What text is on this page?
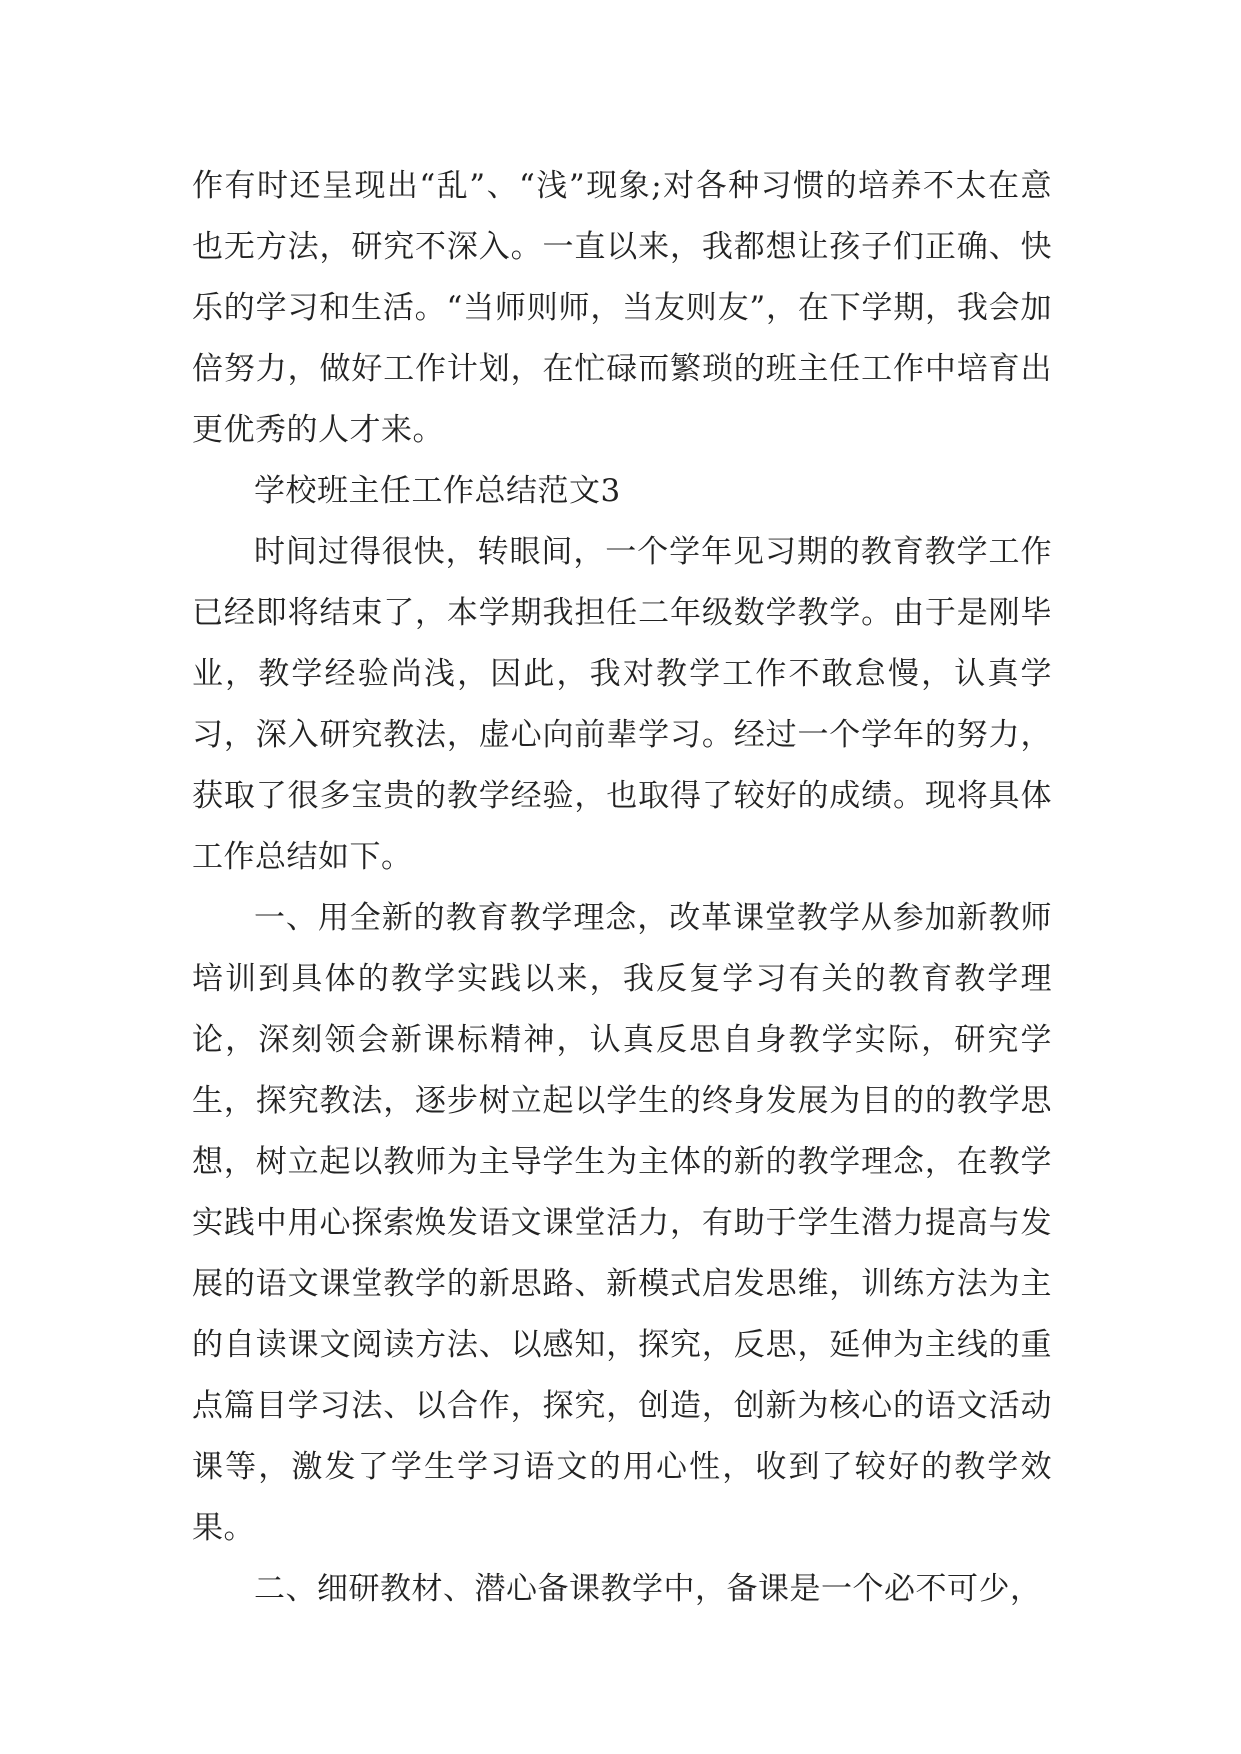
作有时还呈现出“乱”、“浅”现象;对各种习惯的培养不太在意也无方法，研究不深入。一直以来，我都想让孩子们正确、快乐的学习和生活。“当师则师，当友则友”，在下学期，我会加倍努力，做好工作计划，在忙碌而繁琐的班主任工作中培育出更优秀的人才来。

学校班主任工作总结范文3

时间过得很快，转眼间，一个学年见习期的教育教学工作已经即将结束了，本学期我担任二年级数学教学。由于是刚毕业，教学经验尚浅，因此，我对教学工作不敢怠慢，认真学习，深入研究教法，虚心向前辈学习。经过一个学年的努力，获取了很多宝贵的教学经验，也取得了较好的成绩。现将具体工作总结如下。

一、用全新的教育教学理念，改革课堂教学从参加新教师培训到具体的教学实践以来，我反复学习有关的教育教学理论，深刻领会新课标精神，认真反思自身教学实际，研究学生，探究教法，逐步树立起以学生的终身发展为目的的教学思想，树立起以教师为主导学生为主体的新的教学理念，在教学实践中用心探索焕发语文课堂活力，有助于学生潜力提高与发展的语文课堂教学的新思路、新模式启发思维，训练方法为主的自读课文阅读方法、以感知，探究，反思，延伸为主线的重点篇目学习法、以合作，探究，创造，创新为核心的语文活动课等，激发了学生学习语文的用心性，收到了较好的教学效果。

二、细研教材、潜心备课教学中，备课是一个必不可少，
